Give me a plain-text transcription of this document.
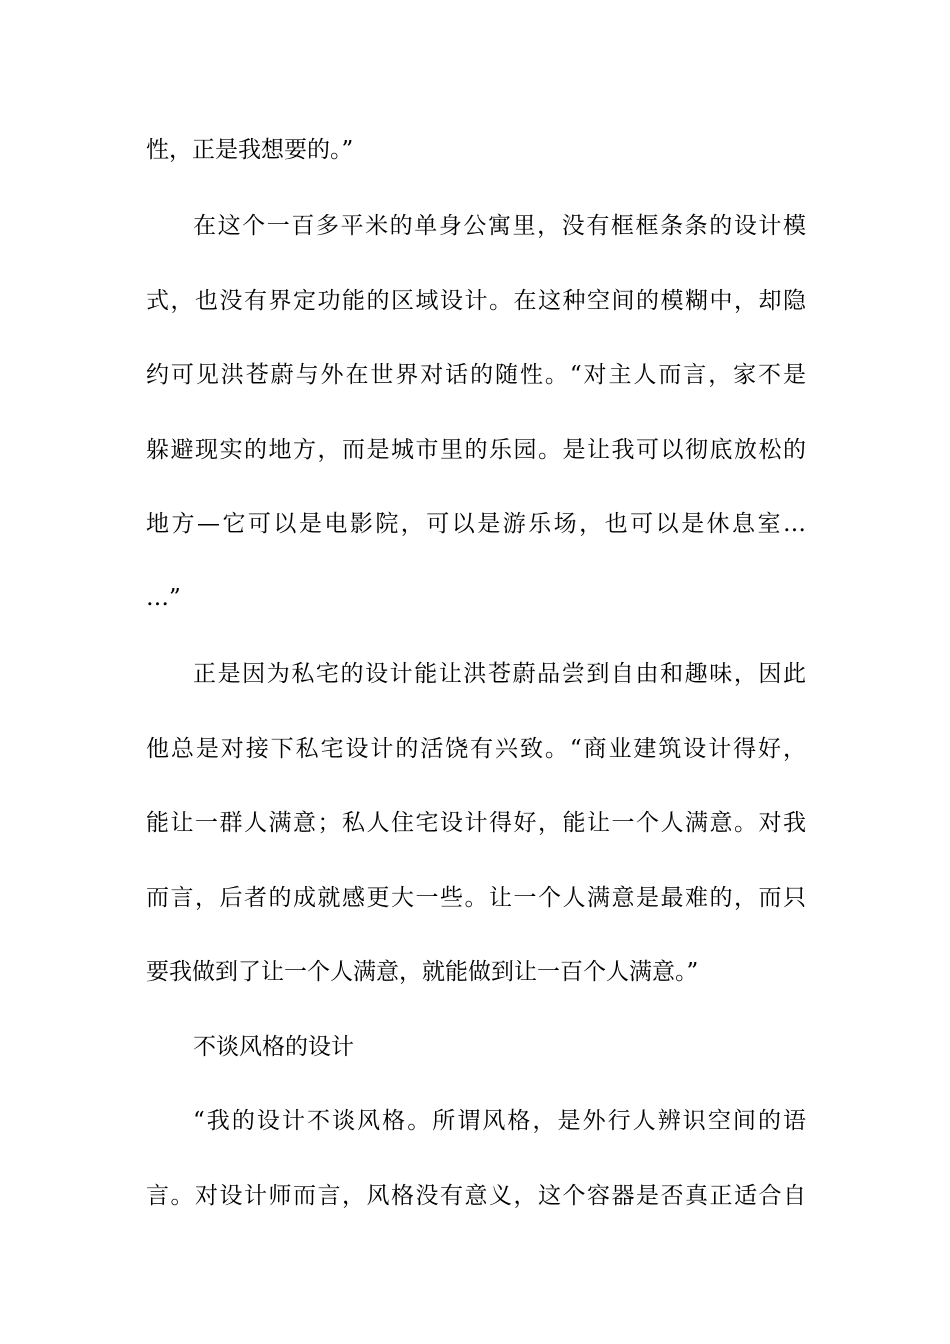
性，正是我想要的。”
在这个一百多平米的单身公寓里，没有框框条条的设计模
式，也没有界定功能的区域设计。在这种空间的模糊中，却隐
约可见洪苍蔚与外在世界对话的随性。“对主人而言，家不是
躲避现实的地方，而是城市里的乐园。是让我可以彻底放松的
地方—它可以是电影院，可以是游乐场，也可以是休息室…
…”
正是因为私宅的设计能让洪苍蔚品尝到自由和趣味，因此
他总是对接下私宅设计的活饶有兴致。“商业建筑设计得好，
能让一群人满意；私人住宅设计得好，能让一个人满意。对我
而言，后者的成就感更大一些。让一个人满意是最难的，而只
要我做到了让一个人满意，就能做到让一百个人满意。”
不谈风格的设计
“我的设计不谈风格。所谓风格，是外行人辨识空间的语
言。对设计师而言，风格没有意义，这个容器是否真正适合自
